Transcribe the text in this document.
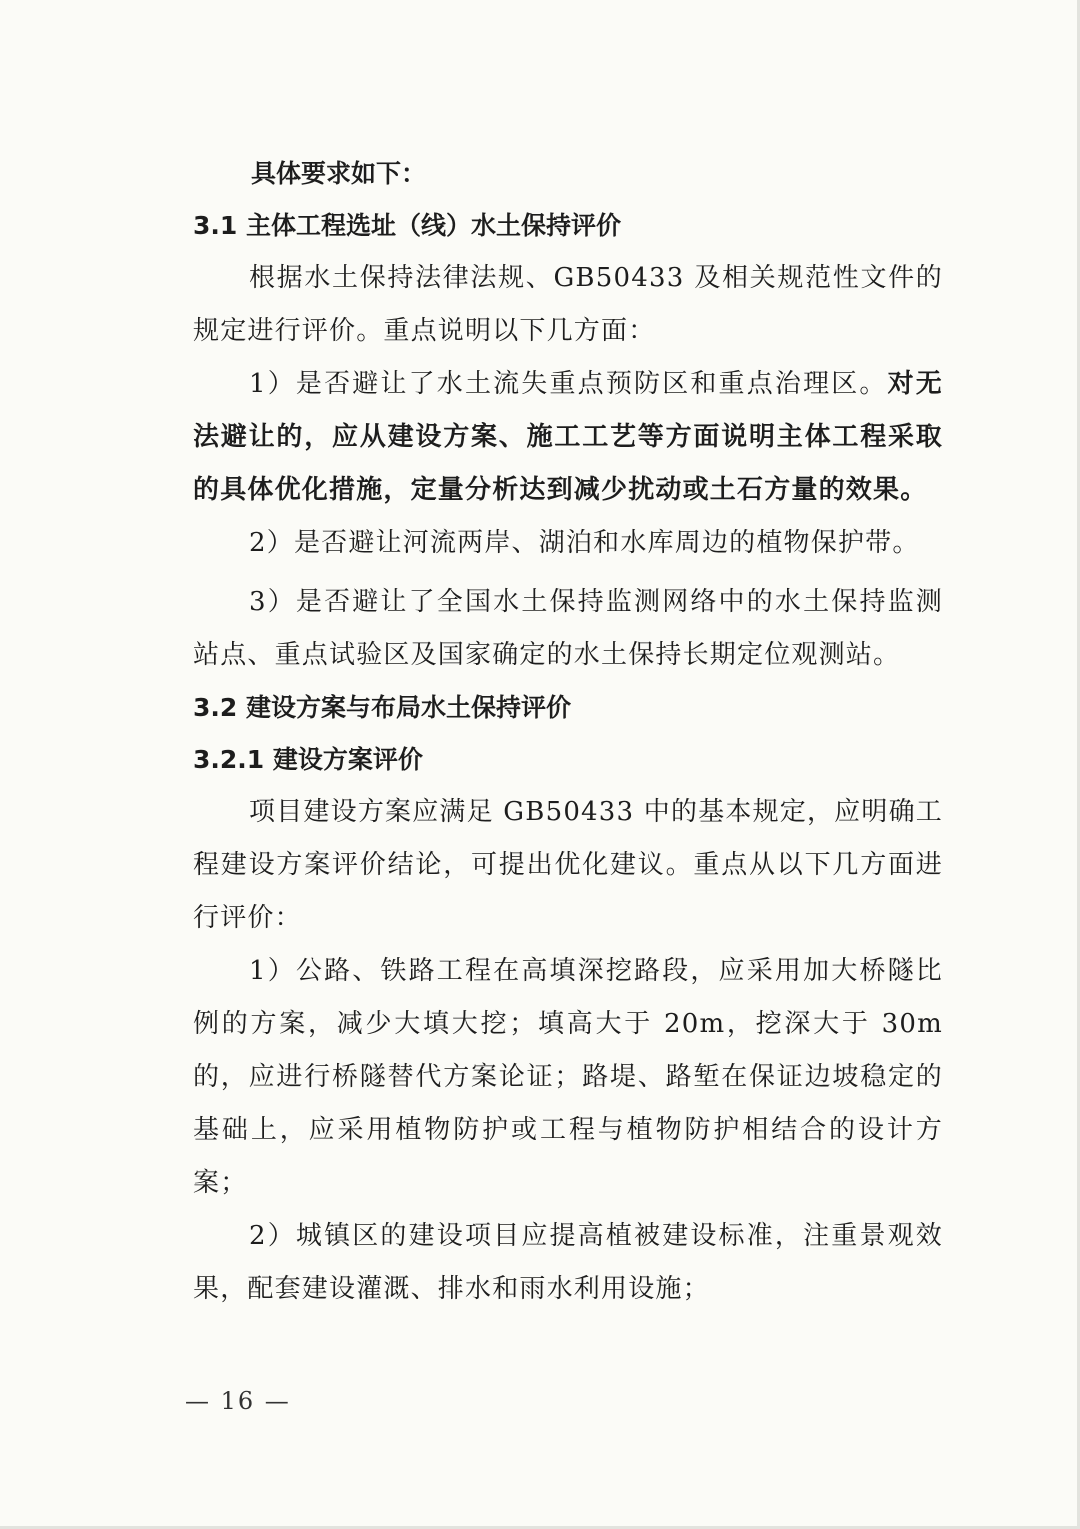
具体要求如下：

3.1 主体工程选址（线）水土保持评价

根据水土保持法律法规、GB50433 及相关规范性文件的规定进行评价。重点说明以下几方面：

1）是否避让了水土流失重点预防区和重点治理区。对无法避让的，应从建设方案、施工工艺等方面说明主体工程采取的具体优化措施，定量分析达到减少扰动或土石方量的效果。

2）是否避让河流两岸、湖泊和水库周边的植物保护带。

3）是否避让了全国水土保持监测网络中的水土保持监测站点、重点试验区及国家确定的水土保持长期定位观测站。

3.2 建设方案与布局水土保持评价

3.2.1 建设方案评价

项目建设方案应满足 GB50433 中的基本规定，应明确工程建设方案评价结论，可提出优化建议。重点从以下几方面进行评价：

1）公路、铁路工程在高填深挖路段，应采用加大桥隧比例的方案，减少大填大挖；填高大于 20m，挖深大于 30m 的，应进行桥隧替代方案论证；路堤、路堑在保证边坡稳定的基础上，应采用植物防护或工程与植物防护相结合的设计方案；

2）城镇区的建设项目应提高植被建设标准，注重景观效果，配套建设灌溉、排水和雨水利用设施；

— 16 —
